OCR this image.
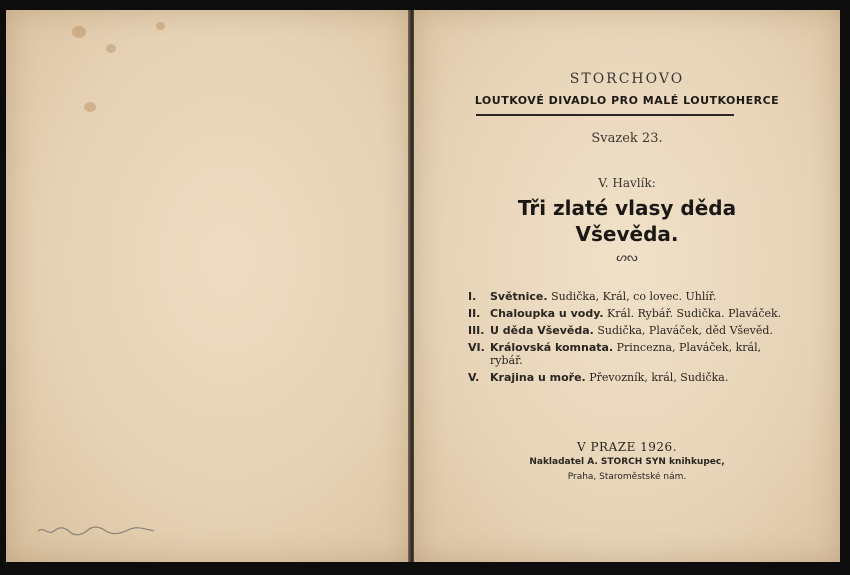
STORCHOVO
LOUTKOVÉ DIVADLO PRO MALÉ LOUTKOHERCE
Svazek 23.
V. Havlík:
Tři zlaté vlasy děda
Vševěda.
ᔕᔓ
I. Světnice. Sudička, Král, co lovec. Uhlíř.
II. Chaloupka u vody. Král. Rybář. Sudička. Plaváček.
III. U děda Vševěda. Sudička, Plaváček, děd Vševěd.
VI. Královská komnata. Princezna, Plaváček, král, rybář.
V. Krajina u moře. Převozník, král, Sudička.
V PRAZE 1926.
Nakladatel A. STORCH SYN knihkupec,
Praha, Staroměstské nám.
